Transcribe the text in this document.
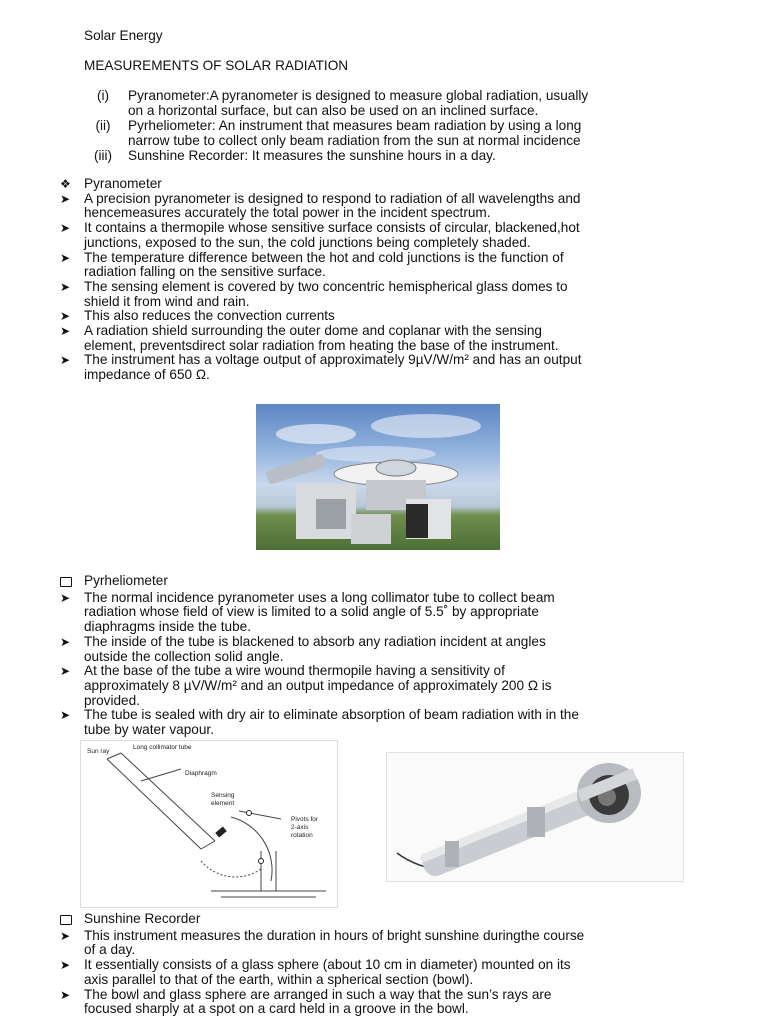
Solar Energy
MEASUREMENTS OF SOLAR RADIATION
(i)	Pyranometer:A pyranometer is designed to measure global radiation, usually
on a horizontal surface, but can also be used on an inclined surface.
(ii)	Pyrheliometer: An instrument that measures beam radiation by using a long
narrow tube to collect only beam radiation from the sun at normal incidence
(iii)	Sunshine Recorder: It measures the sunshine hours in a day.
❖ Pyranometer
➤	A precision pyranometer is designed to respond to radiation of all wavelengths and
hencemeasures accurately the total power in the incident spectrum.
➤	It contains a thermopile whose sensitive surface consists of circular, blackened,hot
junctions, exposed to the sun, the cold junctions being completely shaded.
➤	The temperature difference between the hot and cold junctions is the function of
radiation falling on the sensitive surface.
➤	The sensing element is covered by two concentric hemispherical glass domes to
shield it from wind and rain.
➤	This also reduces the convection currents
➤	A radiation shield surrounding the outer dome and coplanar with the sensing
element, preventsdirect solar radiation from heating the base of the instrument.
➤	The instrument has a voltage output of approximately 9µV/W/m² and has an output
impedance of 650 Ω.
Pyrheliometer
➤	The normal incidence pyranometer uses a long collimator tube to collect beam
radiation whose field of view is limited to a solid angle of 5.5˚ by appropriate
diaphragms inside the tube.
➤	The inside of the tube is blackened to absorb any radiation incident at angles
outside the collection solid angle.
➤	At the base of the tube a wire wound thermopile having a sensitivity of
approximately 8 µV/W/m² and an output impedance of approximately 200 Ω is
provided.
➤	The tube is sealed with dry air to eliminate absorption of beam radiation with in the
tube by water vapour.
Sun ray
Long collimator tube
Diaphragm
Sensing
element
Pivots for
2-axis
rotation
Sunshine Recorder
➤	This instrument measures the duration in hours of bright sunshine duringthe course
of a day.
➤	It essentially consists of a glass sphere (about 10 cm in diameter) mounted on its
axis parallel to that of the earth, within a spherical section (bowl).
➤	The bowl and glass sphere are arranged in such a way that the sun’s rays are
focused sharply at a spot on a card held in a groove in the bowl.
